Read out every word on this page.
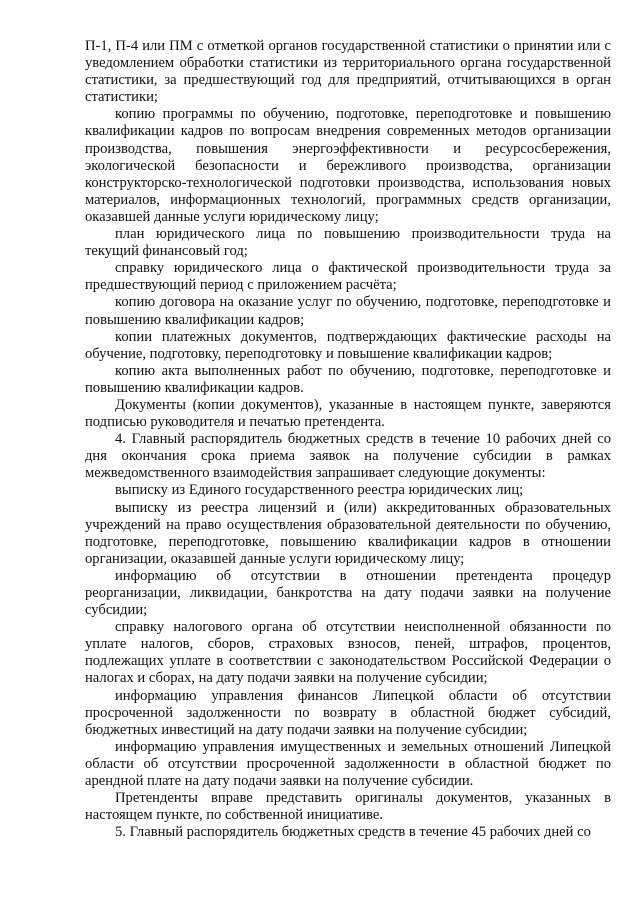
П-1, П-4 или ПМ с отметкой органов государственной статистики о принятии или с уведомлением обработки статистики из территориального органа государственной статистики, за предшествующий год для предприятий, отчитывающихся в орган статистики;

копию программы по обучению, подготовке, переподготовке и повышению квалификации кадров по вопросам внедрения современных методов организации производства, повышения энергоэффективности и ресурсосбережения, экологической безопасности и бережливого производства, организации конструкторско-технологической подготовки производства, использования новых материалов, информационных технологий, программных средств организации, оказавшей данные услуги юридическому лицу;

план юридического лица по повышению производительности труда на текущий финансовый год;

справку юридического лица о фактической производительности труда за предшествующий период с приложением расчёта;

копию договора на оказание услуг по обучению, подготовке, переподготовке и повышению квалификации кадров;

копии платежных документов, подтверждающих фактические расходы на обучение, подготовку, переподготовку и повышение квалификации кадров;

копию акта выполненных работ по обучению, подготовке, переподготовке и повышению квалификации кадров.

Документы (копии документов), указанные в настоящем пункте, заверяются подписью руководителя и печатью претендента.

4. Главный распорядитель бюджетных средств в течение 10 рабочих дней со дня окончания срока приема заявок на получение субсидии в рамках межведомственного взаимодействия запрашивает следующие документы:

выписку из Единого государственного реестра юридических лиц;

выписку из реестра лицензий и (или) аккредитованных образовательных учреждений на право осуществления образовательной деятельности по обучению, подготовке, переподготовке, повышению квалификации кадров в отношении организации, оказавшей данные услуги юридическому лицу;

информацию об отсутствии в отношении претендента процедур реорганизации, ликвидации, банкротства на дату подачи заявки на получение субсидии;

справку налогового органа об отсутствии неисполненной обязанности по уплате налогов, сборов, страховых взносов, пеней, штрафов, процентов, подлежащих уплате в соответствии с законодательством Российской Федерации о налогах и сборах, на дату подачи заявки на получение субсидии;

информацию управления финансов Липецкой области об отсутствии просроченной задолженности по возврату в областной бюджет субсидий, бюджетных инвестиций на дату подачи заявки на получение субсидии;

информацию управления имущественных и земельных отношений Липецкой области об отсутствии просроченной задолженности в областной бюджет по арендной плате на дату подачи заявки на получение субсидии.

Претенденты вправе представить оригиналы документов, указанных в настоящем пункте, по собственной инициативе.

5. Главный распорядитель бюджетных средств в течение 45 рабочих дней со
